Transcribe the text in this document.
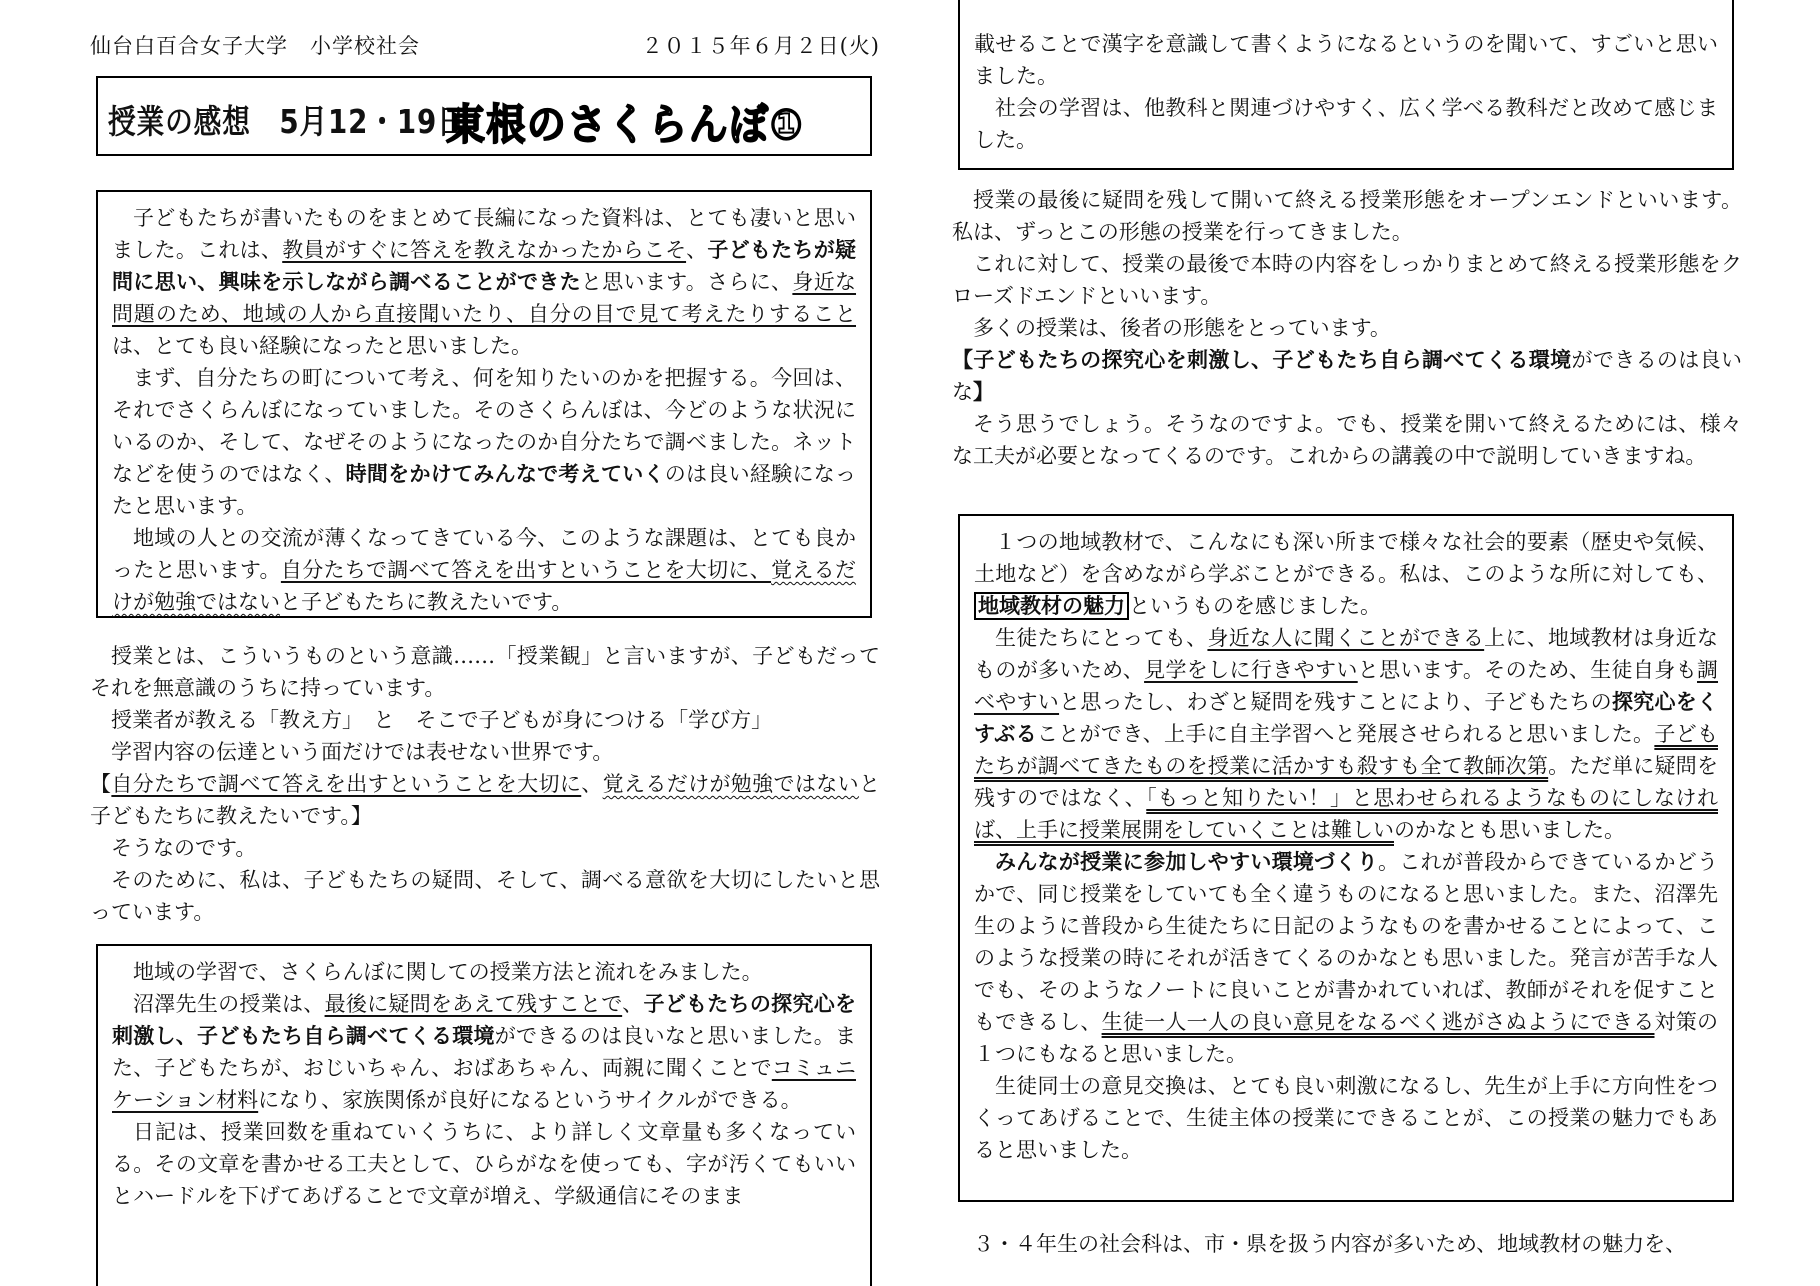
仙台白百合女子大学　小学校社会	２０１５年６月２日(火)
授業の感想　5月12・19日
東根のさくらんぼ①

子どもたちが書いたものをまとめて長編になった資料は、とても凄いと思いました。これは、教員がすぐに答えを教えなかったからこそ、子どもたちが疑問に思い、興味を示しながら調べることができたと思います。さらに、身近な問題のため、地域の人から直接聞いたり、自分の目で見て考えたりすることは、とても良い経験になったと思いました。

まず、自分たちの町について考え、何を知りたいのかを把握する。今回は、それでさくらんぼになっていました。そのさくらんぼは、今どのような状況にいるのか、そして、なぜそのようになったのか自分たちで調べました。ネットなどを使うのではなく、時間をかけてみんなで考えていくのは良い経験になったと思います。

地域の人との交流が薄くなってきている今、このような課題は、とても良かったと思います。自分たちで調べて答えを出すということを大切に、覚えるだけが勉強ではないと子どもたちに教えたいです。

授業とは、こういうものという意識……「授業観」と言いますが、子どもだってそれを無意識のうちに持っています。

授業者が教える「教え方」　と　そこで子どもが身につける「学び方」

学習内容の伝達という面だけでは表せない世界です。

【自分たちで調べて答えを出すということを大切に、覚えるだけが勉強ではないと子どもたちに教えたいです。】

そうなのです。

そのために、私は、子どもたちの疑問、そして、調べる意欲を大切にしたいと思っています。

地域の学習で、さくらんぼに関しての授業方法と流れをみました。

沼澤先生の授業は、最後に疑問をあえて残すことで、子どもたちの探究心を刺激し、子どもたち自ら調べてくる環境ができるのは良いなと思いました。また、子どもたちが、おじいちゃん、おばあちゃん、両親に聞くことでコミュニケーション材料になり、家族関係が良好になるというサイクルができる。

日記は、授業回数を重ねていくうちに、より詳しく文章量も多くなっている。その文章を書かせる工夫として、ひらがなを使っても、字が汚くてもいいとハードルを下げてあげることで文章が増え、学級通信にそのまま

載せることで漢字を意識して書くようになるというのを聞いて、すごいと思いました。

社会の学習は、他教科と関連づけやすく、広く学べる教科だと改めて感じました。

授業の最後に疑問を残して開いて終える授業形態をオープンエンドといいます。私は、ずっとこの形態の授業を行ってきました。

これに対して、授業の最後で本時の内容をしっかりまとめて終える授業形態をクローズドエンドといいます。

多くの授業は、後者の形態をとっています。

【子どもたちの探究心を刺激し、子どもたち自ら調べてくる環境ができるのは良いな】

そう思うでしょう。そうなのですよ。でも、授業を開いて終えるためには、様々な工夫が必要となってくるのです。これからの講義の中で説明していきますね。

１つの地域教材で、こんなにも深い所まで様々な社会的要素（歴史や気候、土地など）を含めながら学ぶことができる。私は、このような所に対しても、地域教材の魅力 というものを感じました。

生徒たちにとっても、身近な人に聞くことができる上に、地域教材は身近なものが多いため、見学をしに行きやすいと思います。そのため、生徒自身も調べやすいと思ったし、わざと疑問を残すことにより、子どもたちの探究心をくすぶることができ、上手に自主学習へと発展させられると思いました。子どもたちが調べてきたものを授業に活かすも殺すも全て教師次第。ただ単に疑問を残すのではなく、「もっと知りたい！」と思わせられるようなものにしなければ、上手に授業展開をしていくことは難しいのかなとも思いました。

みんなが授業に参加しやすい環境づくり。これが普段からできているかどうかで、同じ授業をしていても全く違うものになると思いました。また、沼澤先生のように普段から生徒たちに日記のようなものを書かせることによって、このような授業の時にそれが活きてくるのかなとも思いました。発言が苦手な人でも、そのようなノートに良いことが書かれていれば、教師がそれを促すこともできるし、生徒一人一人の良い意見をなるべく逃がさぬようにできる対策の１つにもなると思いました。

生徒同士の意見交換は、とても良い刺激になるし、先生が上手に方向性をつくってあげることで、生徒主体の授業にできることが、この授業の魅力でもあると思いました。

３・４年生の社会科は、市・県を扱う内容が多いため、地域教材の魅力を、
